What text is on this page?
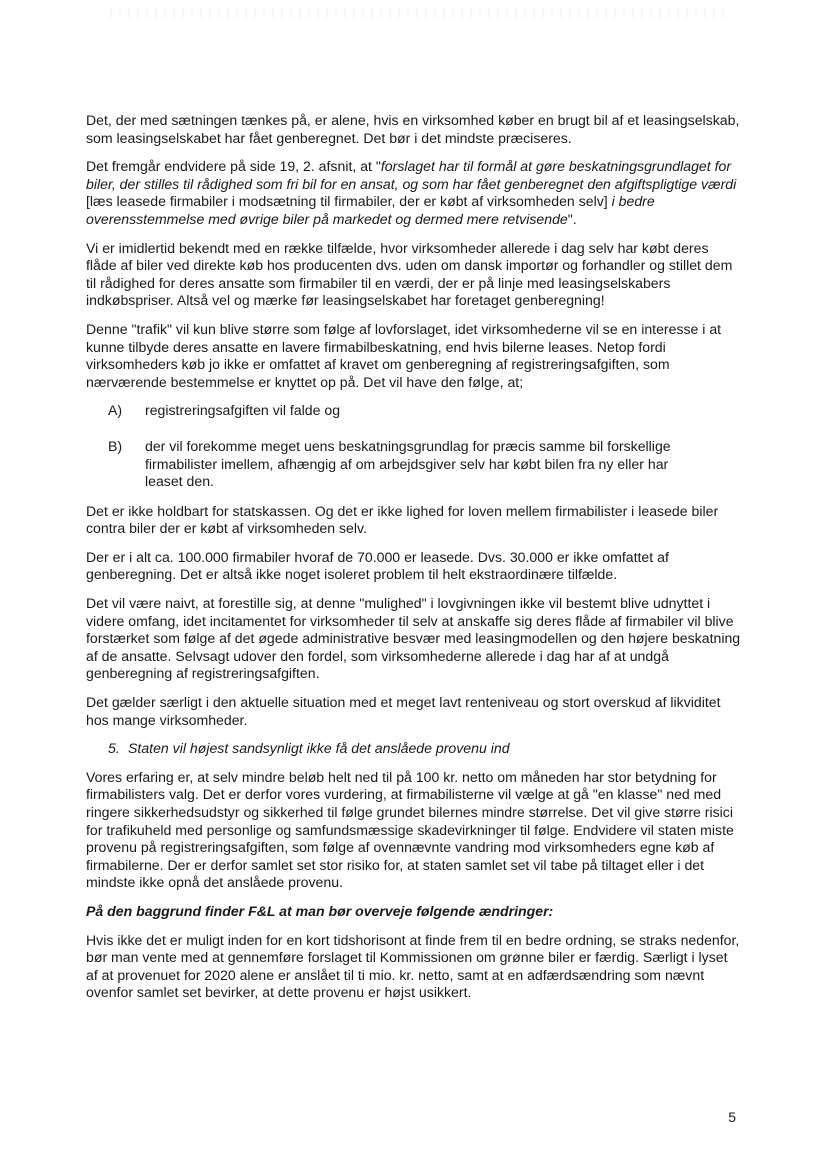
Det, der med sætningen tænkes på, er alene, hvis en virksomhed køber en brugt bil af et leasingselskab, som leasingselskabet har fået genberegnet. Det bør i det mindste præciseres.

Det fremgår endvidere på side 19, 2. afsnit, at "forslaget har til formål at gøre beskatningsgrundlaget for biler, der stilles til rådighed som fri bil for en ansat, og som har fået genberegnet den afgiftspligtige værdi [læs leasede firmabiler i modsætning til firmabiler, der er købt af virksomheden selv] i bedre overensstemmelse med øvrige biler på markedet og dermed mere retvisende".

Vi er imidlertid bekendt med en række tilfælde, hvor virksomheder allerede i dag selv har købt deres flåde af biler ved direkte køb hos producenten dvs. uden om dansk importør og forhandler og stillet dem til rådighed for deres ansatte som firmabiler til en værdi, der er på linje med leasingselskabers indkøbspriser. Altså vel og mærke før leasingselskabet har foretaget genberegning!

Denne "trafik" vil kun blive større som følge af lovforslaget, idet virksomhederne vil se en interesse i at kunne tilbyde deres ansatte en lavere firmabilbeskatning, end hvis bilerne leases. Netop fordi virksomheders køb jo ikke er omfattet af kravet om genberegning af registreringsafgiften, som nærværende bestemmelse er knyttet op på. Det vil have den følge, at;

A)	registreringsafgiften vil falde og
B)	der vil forekomme meget uens beskatningsgrundlag for præcis samme bil forskellige firmabilister imellem, afhængig af om arbejdsgiver selv har købt bilen fra ny eller har leaset den.

Det er ikke holdbart for statskassen. Og det er ikke lighed for loven mellem firmabilister i leasede biler contra biler der er købt af virksomheden selv.

Der er i alt ca. 100.000 firmabiler hvoraf de 70.000 er leasede. Dvs. 30.000 er ikke omfattet af genberegning. Det er altså ikke noget isoleret problem til helt ekstraordinære tilfælde.

Det vil være naivt, at forestille sig, at denne "mulighed" i lovgivningen ikke vil bestemt blive udnyttet i videre omfang, idet incitamentet for virksomheder til selv at anskaffe sig deres flåde af firmabiler vil blive forstærket som følge af det øgede administrative besvær med leasingmodellen og den højere beskatning af de ansatte. Selvsagt udover den fordel, som virksomhederne allerede i dag har af at undgå genberegning af registreringsafgiften.

Det gælder særligt i den aktuelle situation med et meget lavt renteniveau og stort overskud af likviditet hos mange virksomheder.

5. Staten vil højest sandsynligt ikke få det anslåede provenu ind

Vores erfaring er, at selv mindre beløb helt ned til på 100 kr. netto om måneden har stor betydning for firmabilisters valg. Det er derfor vores vurdering, at firmabilisterne vil vælge at gå "en klasse" ned med ringere sikkerhedsudstyr og sikkerhed til følge grundet bilernes mindre størrelse. Det vil give større risici for trafikuheld med personlige og samfundsmæssige skadevirkninger til følge. Endvidere vil staten miste provenu på registreringsafgiften, som følge af ovennævnte vandring mod virksomheders egne køb af firmabilerne. Der er derfor samlet set stor risiko for, at staten samlet set vil tabe på tiltaget eller i det mindste ikke opnå det anslåede provenu.

På den baggrund finder F&L at man bør overveje følgende ændringer:

Hvis ikke det er muligt inden for en kort tidshorisont at finde frem til en bedre ordning, se straks nedenfor, bør man vente med at gennemføre forslaget til Kommissionen om grønne biler er færdig. Særligt i lyset af at provenuet for 2020 alene er anslået til ti mio. kr. netto, samt at en adfærdsændring som nævnt ovenfor samlet set bevirker, at dette provenu er højst usikkert.

5
